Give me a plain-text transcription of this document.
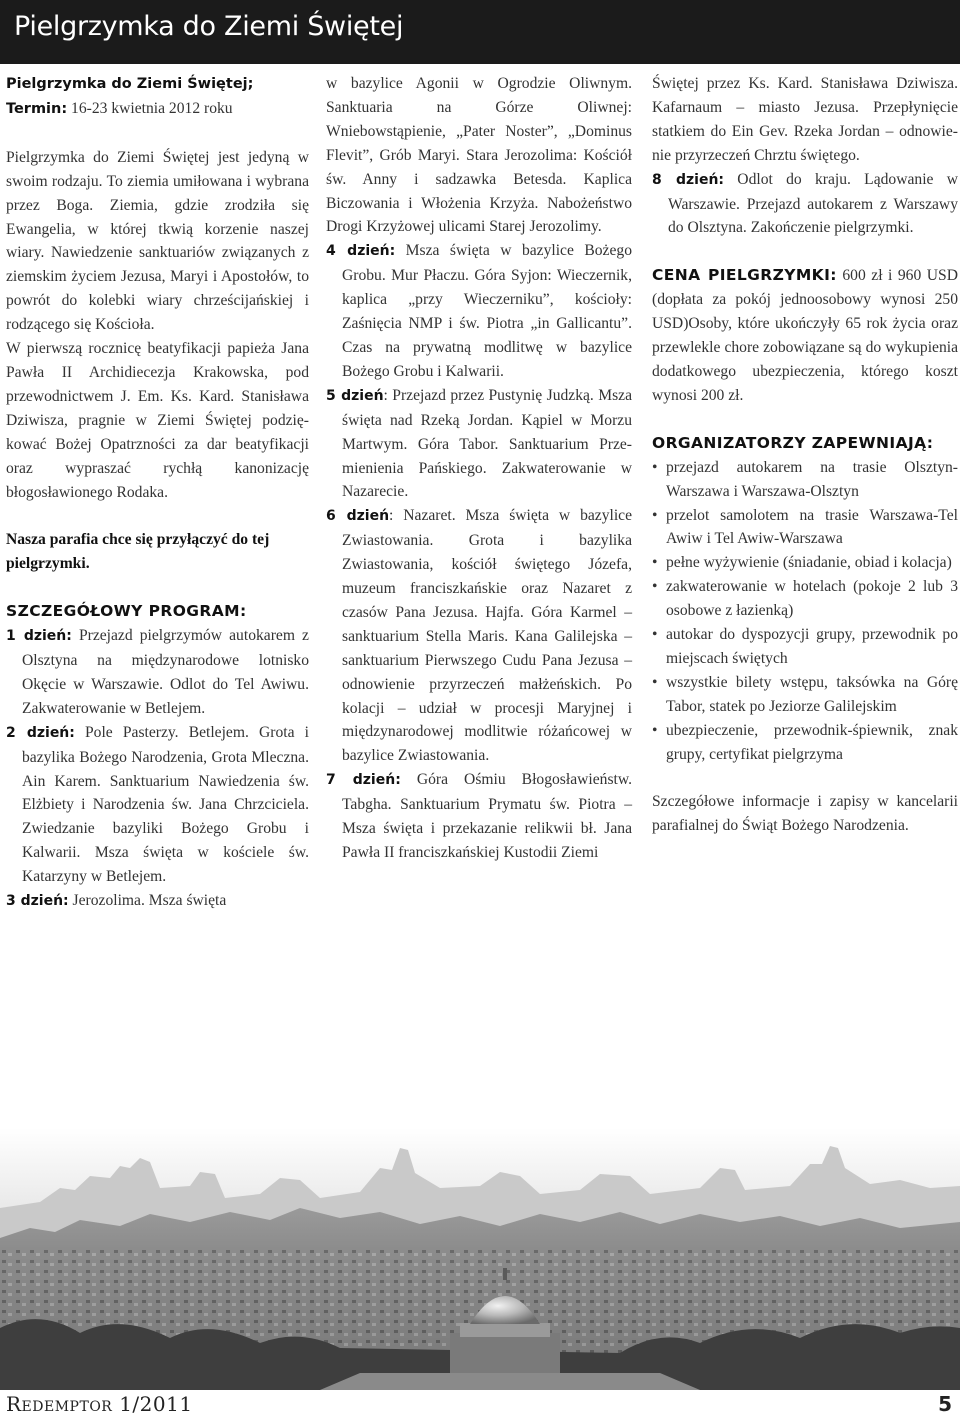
Pielgrzymka do Ziemi Świętej

Pielgrzymka do Ziemi Świętej;

Termin: 16-23 kwietnia 2012 roku

Pielgrzymka do Ziemi Świętej jest jedyną w swoim rodzaju. To ziemia umiłowana i wybrana przez Boga. Ziemia, gdzie zrodziła się Ewangelia, w której tkwią korzenie naszej wiary. Nawiedzenie sanktuariów związanych z ziemskim życiem Jezusa, Maryi i Apostołów, to powrót do kolebki wiary chrześcijańskiej i rodzącego się Kościoła.

W pierwszą rocznicę beatyfikacji papieża Jana Pawła II Archidiecezja Krakowska, pod przewodnictwem J. Em. Ks. Kard. Stanisława Dziwisza, pragnie w Ziemi Świętej podziękować Bożej Opatrzności za dar beatyfikacji oraz wypraszać rychłą kanonizację błogosławionego Rodaka.

Nasza parafia chce się przyłączyć do tej pielgrzymki.

SZCZEGÓŁOWY PROGRAM:

1 dzień: Przejazd pielgrzymów autokarem z Olsztyna na międzynarodowe lotnisko Okęcie w Warszawie. Odlot do Tel Awiwu. Zakwaterowanie w Betlejem.

2 dzień: Pole Pasterzy. Betlejem. Grota i bazylika Bożego Narodzenia, Grota Mleczna. Ain Karem. Sanktuarium Nawiedzenia św. Elżbiety i Narodzenia św. Jana Chrzciciela. Zwiedzanie bazyliki Bożego Grobu i Kalwarii. Msza święta w kościele św. Katarzyny w Betlejem.

3 dzień: Jerozolima. Msza święta

w bazylice Agonii w Ogrodzie Oliwnym. Sanktuaria na Górze Oliwnej: Wniebowstąpienie, „Pater Noster”, „Dominus Flevit”, Grób Maryi. Stara Jerozolima: Kościół św. Anny i sadzawka Betesda. Kaplica Biczowania i Włożenia Krzyża. Nabożeństwo Drogi Krzyżowej ulicami Starej Jerozolimy.

4 dzień: Msza święta w bazylice Bożego Grobu. Mur Płaczu. Góra Syjon: Wieczernik, kaplica „przy Wieczerniku”, kościoły: Zaśnięcia NMP i św. Piotra „in Gallicantu”. Czas na prywatną modlitwę w bazylice Bożego Grobu i Kalwarii.

5 dzień: Przejazd przez Pustynię Judzką. Msza święta nad Rzeką Jordan. Kąpiel w Morzu Martwym. Góra Tabor. Sanktuarium Przemienienia Pańskiego. Zakwaterowanie w Nazarecie.

6 dzień: Nazaret. Msza święta w bazylice Zwiastowania. Grota i bazylika Zwiastowania, kościół świętego Józefa, muzeum franciszkańskie oraz Nazaret z czasów Pana Jezusa. Hajfa. Góra Karmel – sanktuarium Stella Maris. Kana Galilejska – sanktuarium Pierwszego Cudu Pana Jezusa – odnowienie przyrzeczeń małżeńskich. Po kolacji – udział w procesji Maryjnej i międzynarodowej modlitwie różańcowej w bazylice Zwiastowania.

7 dzień: Góra Ośmiu Błogosławieństw. Tabgha. Sanktuarium Prymatu św. Piotra – Msza święta i przekazanie relikwii bł. Jana Pawła II franciszkańskiej Kustodii Ziemi

Świętej przez Ks. Kard. Stanisława Dziwisza. Kafarnaum – miasto Jezusa. Przepłynięcie statkiem do Ein Gev. Rzeka Jordan – odnowienie przyrzeczeń Chrztu świętego.

8 dzień: Odlot do kraju. Lądowanie w Warszawie. Przejazd autokarem z Warszawy do Olsztyna. Zakończenie pielgrzymki.

CENA PIELGRZYMKI: 600 zł i 960 USD (dopłata za pokój jednoosobowy wynosi 250 USD)Osoby, które ukończyły 65 rok życia oraz przewlekle chore zobowiązane są do wykupienia dodatkowego ubezpieczenia, którego koszt wynosi 200 zł.

ORGANIZATORZY ZAPEWNIAJĄ:

• przejazd autokarem na trasie Olsztyn-Warszawa i Warszawa-Olsztyn
• przelot samolotem na trasie Warszawa-Tel Awiw i Tel Awiw-Warszawa
• pełne wyżywienie (śniadanie, obiad i kolacja)
• zakwaterowanie w hotelach (pokoje 2 lub 3 osobowe z łazienką)
• autokar do dyspozycji grupy, przewodnik po miejscach świętych
• wszystkie bilety wstępu, taksówka na Górę Tabor, statek po Jeziorze Galilejskim
• ubezpieczenie, przewodnik-śpiewnik, znak grupy, certyfikat pielgrzyma

Szczegółowe informacje i zapisy w kancelarii parafialnej do Świąt Bożego Narodzenia.

Redemptor 1/2011	5
